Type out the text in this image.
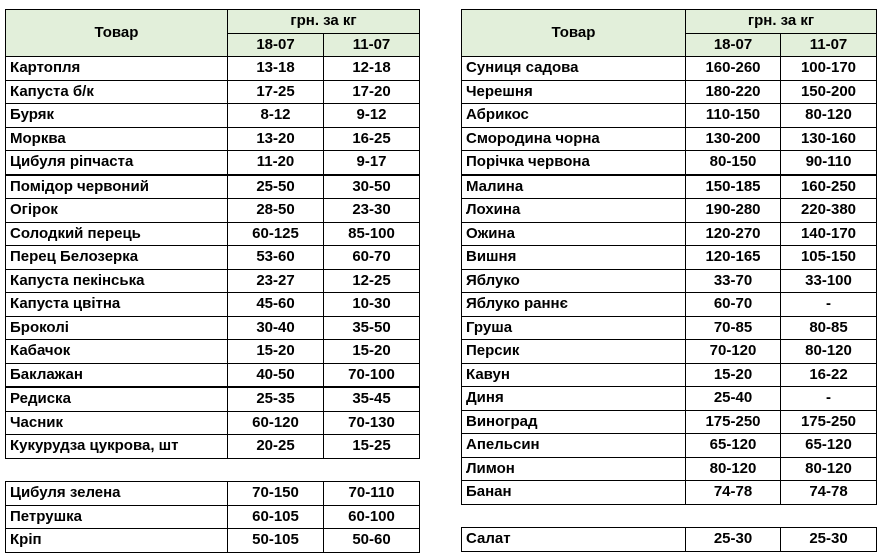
Товар	грн. за кг	
	18-07	11-07
Картопля	13-18	12-18
Капуста б/к	17-25	17-20
Буряк	8-12	9-12
Морква	13-20	16-25
Цибуля ріпчаста	11-20	9-17
Помідор червоний	25-50	30-50
Огірок	28-50	23-30
Солодкий перець	60-125	85-100
Перец Белозерка	53-60	60-70
Капуста пекінська	23-27	12-25
Капуста цвітна	45-60	10-30
Броколі	30-40	35-50
Кабачок	15-20	15-20
Баклажан	40-50	70-100
Редиска	25-35	35-45
Часник	60-120	70-130
Кукурудза цукрова, шт	20-25	15-25
Цибуля зелена	70-150	70-110
Петрушка	60-105	60-100
Кріп	50-105	50-60
Товар	грн. за кг	
	18-07	11-07
Суниця садова	160-260	100-170
Черешня	180-220	150-200
Абрикос	110-150	80-120
Смородина чорна	130-200	130-160
Порічка червона	80-150	90-110
Малина	150-185	160-250
Лохина	190-280	220-380
Ожина	120-270	140-170
Вишня	120-165	105-150
Яблуко	33-70	33-100
Яблуко раннє	60-70	-
Груша	70-85	80-85
Персик	70-120	80-120
Кавун	15-20	16-22
Диня	25-40	-
Виноград	175-250	175-250
Апельсин	65-120	65-120
Лимон	80-120	80-120
Банан	74-78	74-78
Салат	25-30	25-30
